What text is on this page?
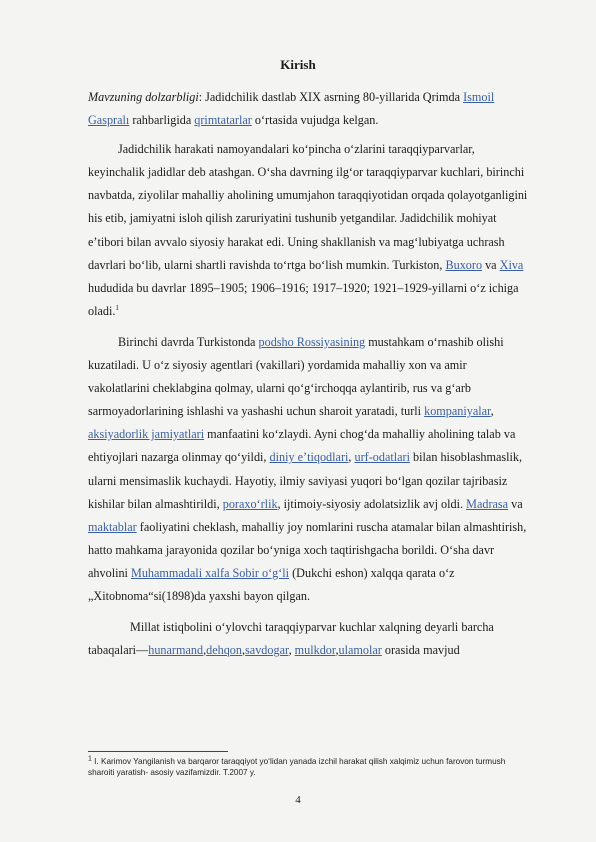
Kirish

Mavzuning dolzarbligi: Jadidchilik dastlab XIX asrning 80-yillarida Qrimda Ismoil Gaspralı rahbarligida qrimtatarlar oʻrtasida vujudga kelgan.

Jadidchilik harakati namoyandalari koʻpincha oʻzlarini taraqqiyparvarlar, keyinchalik jadidlar deb atashgan. Oʻsha davrning ilgʻor taraqqiyparvar kuchlari, birinchi navbatda, ziyolilar mahalliy aholining umumjahon taraqqiyotidan orqada qolayotganligini his etib, jamiyatni isloh qilish zaruriyatini tushunib yetgandilar. Jadidchilik mohiyat eʼtibori bilan avvalo siyosiy harakat edi. Uning shakllanish va magʻlubiyatga uchrash davrlari boʻlib, ularni shartli ravishda toʻrtga boʻlish mumkin. Turkiston, Buxoro va Xiva hududida bu davrlar 1895–1905; 1906–1916; 1917–1920; 1921–1929-yillarni oʻz ichiga oladi.$^1$

Birinchi davrda Turkistonda podsho Rossiyasining mustahkam oʻrnashib olishi kuzatiladi. U oʻz siyosiy agentlari (vakillari) yordamida mahalliy xon va amir vakolatlarini cheklabgina qolmay, ularni qoʻgʻirchoqqa aylantirib, rus va gʻarb sarmoyadorlarining ishlashi va yashashi uchun sharoit yaratadi, turli kompaniyalar, aksiyadorlik jamiyatlari manfaatini koʻzlaydi. Ayni chogʻda mahalliy aholining talab va ehtiyojlari nazarga olinmay qoʻyildi, diniy eʼtiqodlari, urf-odatlari bilan hisoblashmaslik, ularni mensimaslik kuchaydi. Hayotiy, ilmiy saviyasi yuqori boʻlgan qozilar tajribasiz kishilar bilan almashtirildi, poraxoʻrlik, ijtimoiy-siyosiy adolatsizlik avj oldi. Madrasa va maktablar faoliyatini cheklash, mahalliy joy nomlarini ruscha atamalar bilan almashtirish, hatto mahkama jarayonida qozilar boʻyniga xoch taqtirishgacha borildi. Oʻsha davr ahvolini Muhammadali xalfa Sobir oʻgʻli (Dukchi eshon) xalqqa qarata oʻz „Xitobnoma“si(1898)da yaxshi bayon qilgan.

Millat istiqbolini oʻylovchi taraqqiyparvar kuchlar xalqning deyarli barcha tabaqalari—hunarmand,dehqon,savdogar, mulkdor,ulamolar orasida mavjud

$^1$ I. Karimov Yangilanish va barqaror taraqqiyot yoʻlidan yanada izchil harakat qilish xalqimiz uchun farovon turmush sharoiti yaratish- asosiy vazifamizdir. T.2007 y.
4
